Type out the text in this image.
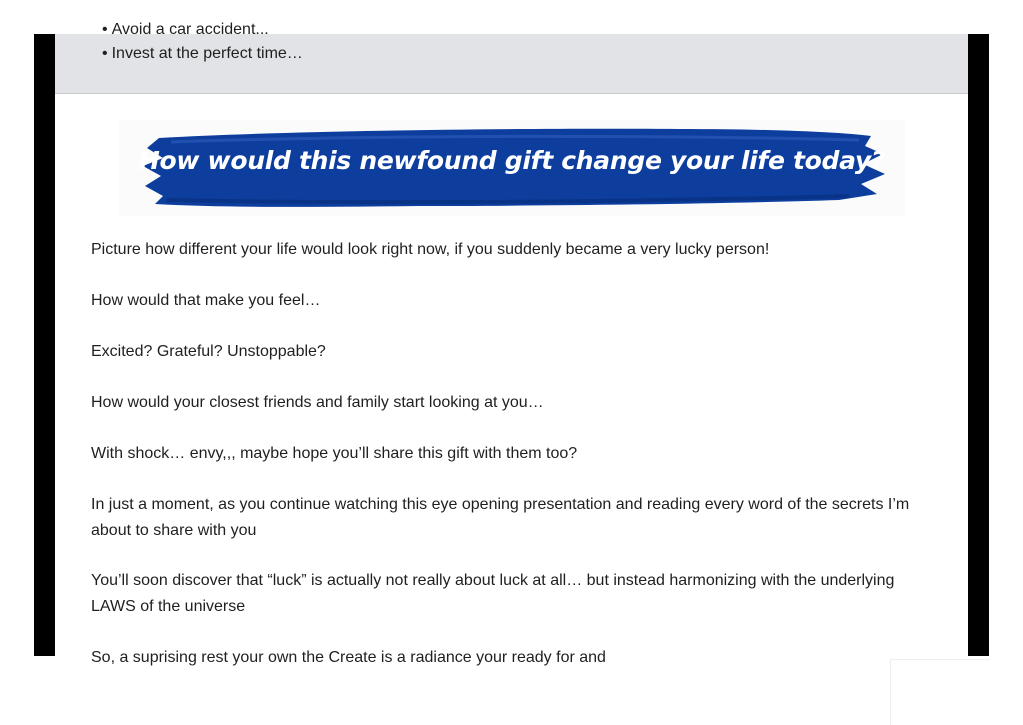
• Avoid a car accident...
• Invest at the perfect time…
How would this newfound gift change your life today?

Picture how different your life would look right now, if you suddenly became a very lucky person!

How would that make you feel…

Excited? Grateful? Unstoppable?

How would your closest friends and family start looking at you…

With shock… envy,,, maybe hope you’ll share this gift with them too?

In just a moment, as you continue watching this eye opening presentation and reading every word of the secrets I’m about to share with you

You’ll soon discover that “luck” is actually not really about luck at all… but instead harmonizing with the underlying LAWS of the universe

So, a suprising rest your own the Create is a radiance your ready for and
